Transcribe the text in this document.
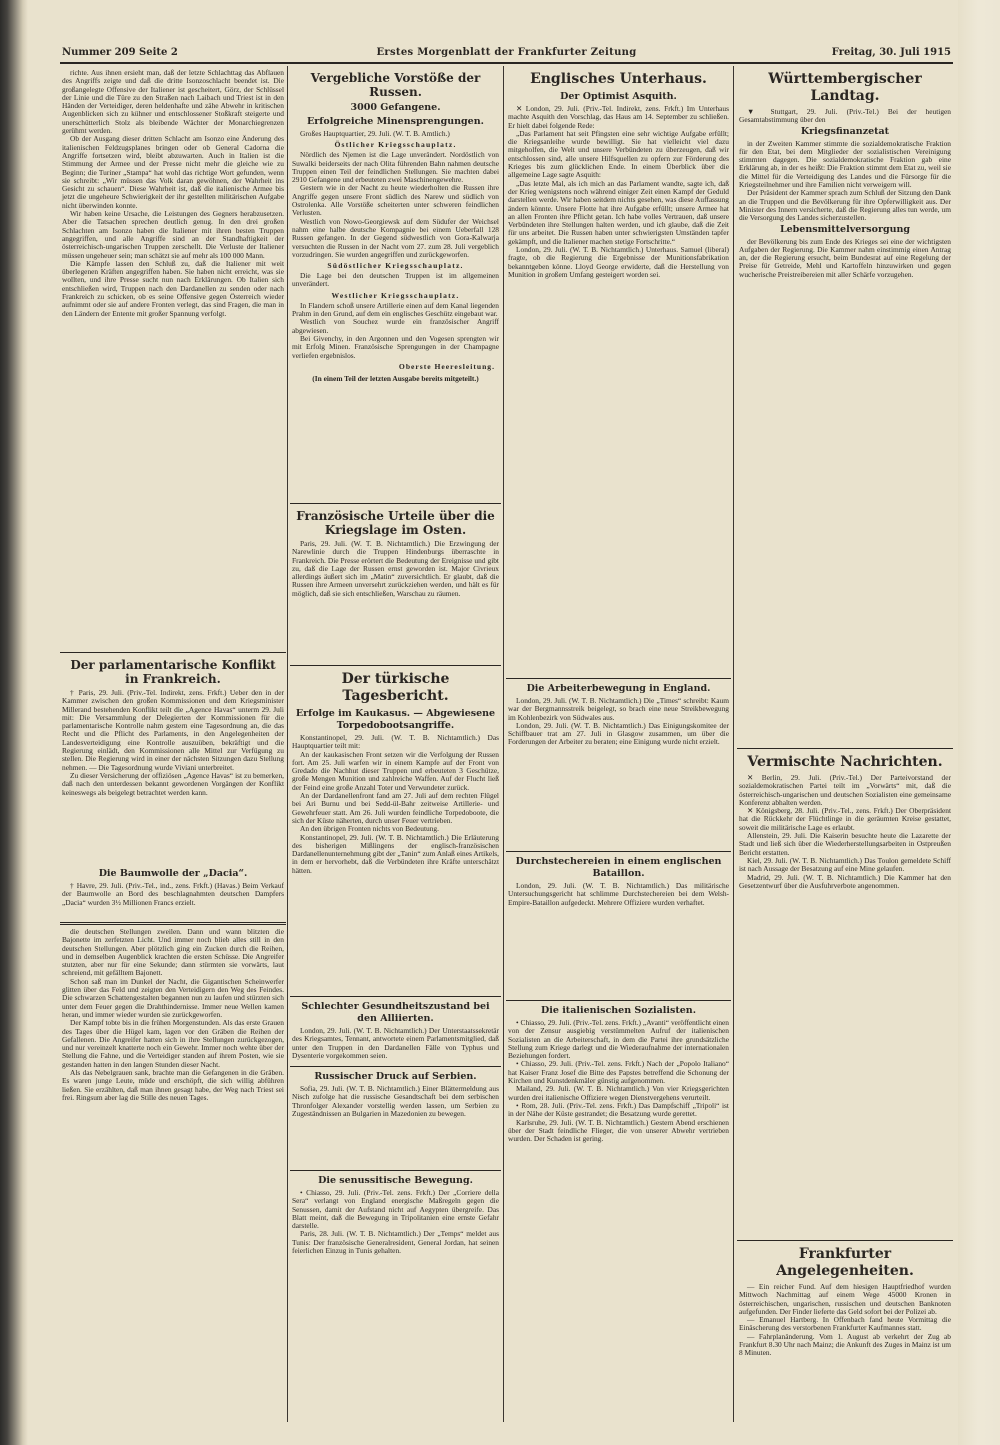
Erstes Morgenblatt der Frankfurter Zeitung
Nummer 209 Seite 2	Freitag, 30. Juli 1915

richte. Aus ihnen ersieht man, daß der letzte Schlachttag das Abflauen des Angriffs zeigte und daß die dritte Isonzoschlacht beendet ist. Die großangelegte Offensive der Italiener ist gescheitert, Görz, der Schlüssel der Linie und die Türe zu den Straßen nach Laibach und Triest ist in den Händen der Verteidiger, deren heldenhafte und zähe Abwehr in kritischen Augenblicken sich zu kühner und entschlossener Stoßkraft steigerte und unerschütterlich Stolz als bleibende Wächter der Monarchiegrenzen gerühmt werden.

Ob der Ausgang dieser dritten Schlacht am Isonzo eine Änderung des italienischen Feldzugsplanes bringen oder ob General Cadorna die Angriffe fortsetzen wird, bleibt abzuwarten. Auch in Italien ist die Stimmung der Armee und der Presse nicht mehr die gleiche wie zu Beginn; die Turiner „Stampa“ hat wohl das richtige Wort gefunden, wenn sie schreibt: „Wir müssen das Volk daran gewöhnen, der Wahrheit ins Gesicht zu schauen“. Diese Wahrheit ist, daß die italienische Armee bis jetzt die ungeheure Schwierigkeit der ihr gestellten militärischen Aufgabe nicht überwinden konnte.

Wir haben keine Ursache, die Leistungen des Gegners herabzusetzen. Aber die Tatsachen sprechen deutlich genug. In den drei großen Schlachten am Isonzo haben die Italiener mit ihren besten Truppen angegriffen, und alle Angriffe sind an der Standhaftigkeit der österreichisch-ungarischen Truppen zerschellt. Die Verluste der Italiener müssen ungeheuer sein; man schätzt sie auf mehr als 100 000 Mann.

Die Kämpfe lassen den Schluß zu, daß die Italiener mit weit überlegenen Kräften angegriffen haben. Sie haben nicht erreicht, was sie wollten, und ihre Presse sucht nun nach Erklärungen. Ob Italien sich entschließen wird, Truppen nach den Dardanellen zu senden oder nach Frankreich zu schicken, ob es seine Offensive gegen Österreich wieder aufnimmt oder sie auf andere Fronten verlegt, das sind Fragen, die man in den Ländern der Entente mit großer Spannung verfolgt.

Der parlamentarische Konflikt in Frankreich.

† Paris, 29. Juli. (Priv.-Tel. Indirekt, zens. Frkft.) Ueber den in der Kammer zwischen den großen Kommissionen und dem Kriegsminister Millerand bestehenden Konflikt teilt die „Agence Havas“ unterm 29. Juli mit: Die Versammlung der Delegierten der Kommissionen für die parlamentarische Kontrolle nahm gestern eine Tagesordnung an, die das Recht und die Pflicht des Parlaments, in den Angelegenheiten der Landesverteidigung eine Kontrolle auszuüben, bekräftigt und die Regierung einlädt, den Kommissionen alle Mittel zur Verfügung zu stellen. Die Regierung wird in einer der nächsten Sitzungen dazu Stellung nehmen. — Die Tagesordnung wurde Viviani unterbreitet.

Zu dieser Versicherung der offiziösen „Agence Havas“ ist zu bemerken, daß nach den unterdessen bekannt gewordenen Vorgängen der Konflikt keineswegs als beigelegt betrachtet werden kann.

Die Baumwolle der „Dacia“.

† Havre, 29. Juli. (Priv.-Tel., ind., zens. Frkft.) (Havas.) Beim Verkauf der Baumwolle an Bord des beschlagnahmten deutschen Dampfers „Dacia“ wurden 3½ Millionen Francs erzielt.

die deutschen Stellungen zweilen. Dann und wann blitzten die Bajonette im zerfetzten Licht. Und immer noch blieb alles still in den deutschen Stellungen. Aber plötzlich ging ein Zucken durch die Reihen, und in demselben Augenblick krachten die ersten Schüsse. Die Angreifer stutzten, aber nur für eine Sekunde; dann stürmten sie vorwärts, laut schreiend, mit gefälltem Bajonett.

Schon saß man im Dunkel der Nacht, die Gigantischen Scheinwerfer glitten über das Feld und zeigten den Verteidigern den Weg des Feindes. Die schwarzen Schattengestalten begannen nun zu laufen und stürzten sich unter dem Feuer gegen die Drahthindernisse. Immer neue Wellen kamen heran, und immer wieder wurden sie zurückgeworfen.

Der Kampf tobte bis in die frühen Morgenstunden. Als das erste Grauen des Tages über die Hügel kam, lagen vor den Gräben die Reihen der Gefallenen. Die Angreifer hatten sich in ihre Stellungen zurückgezogen, und nur vereinzelt knatterte noch ein Gewehr. Immer noch wehte über der Stellung die Fahne, und die Verteidiger standen auf ihrem Posten, wie sie gestanden hatten in den langen Stunden dieser Nacht.

Als das Nebelgrauen sank, brachte man die Gefangenen in die Gräben. Es waren junge Leute, müde und erschöpft, die sich willig abführen ließen. Sie erzählten, daß man ihnen gesagt habe, der Weg nach Triest sei frei. Ringsum aber lag die Stille des neuen Tages.

Vergebliche Vorstöße der Russen.
3000 Gefangene.
Erfolgreiche Minensprengungen.

Großes Hauptquartier, 29. Juli. (W. T. B. Amtlich.)

Östlicher Kriegsschauplatz.

Nördlich des Njemen ist die Lage unverändert. Nordöstlich von Suwalki beiderseits der nach Olita führenden Bahn nahmen deutsche Truppen einen Teil der feindlichen Stellungen. Sie machten dabei 2910 Gefangene und erbeuteten zwei Maschinengewehre.

Gestern wie in der Nacht zu heute wiederholten die Russen ihre Angriffe gegen unsere Front südlich des Narew und südlich von Ostrolenka. Alle Vorstöße scheiterten unter schweren feindlichen Verlusten.

Westlich von Nowo-Georgiewsk auf dem Südufer der Weichsel nahm eine halbe deutsche Kompagnie bei einem Ueberfall 128 Russen gefangen. In der Gegend südwestlich von Gora-Kalwarja versuchten die Russen in der Nacht vom 27. zum 28. Juli vergeblich vorzudringen. Sie wurden angegriffen und zurückgeworfen.

Südöstlicher Kriegsschauplatz.

Die Lage bei den deutschen Truppen ist im allgemeinen unverändert.

Westlicher Kriegsschauplatz.

In Flandern schoß unsere Artillerie einen auf dem Kanal liegenden Prahm in den Grund, auf dem ein englisches Geschütz eingebaut war.

Westlich von Souchez wurde ein französischer Angriff abgewiesen.

Bei Givenchy, in den Argonnen und den Vogesen sprengten wir mit Erfolg Minen. Französische Sprengungen in der Champagne verliefen ergebnislos.

Oberste Heeresleitung.
(In einem Teil der letzten Ausgabe bereits mitgeteilt.)
Französische Urteile über die Kriegslage im Osten.

Paris, 29. Juli. (W. T. B. Nichtamtlich.) Die Erzwingung der Narewlinie durch die Truppen Hindenburgs überraschte in Frankreich. Die Presse erörtert die Bedeutung der Ereignisse und gibt zu, daß die Lage der Russen ernst geworden ist. Major Civrieux allerdings äußert sich im „Matin“ zuversichtlich. Er glaubt, daß die Russen ihre Armeen unversehrt zurückziehen werden, und hält es für möglich, daß sie sich entschließen, Warschau zu räumen.

Der türkische Tagesbericht.
Erfolge im Kaukasus. — Abgewiesene Torpedobootsangriffe.

Konstantinopel, 29. Juli. (W. T. B. Nichtamtlich.) Das Hauptquartier teilt mit:

An der kaukasischen Front setzen wir die Verfolgung der Russen fort. Am 25. Juli warfen wir in einem Kampfe auf der Front von Gredado die Nachhut dieser Truppen und erbeuteten 3 Geschütze, große Mengen Munition und zahlreiche Waffen. Auf der Flucht ließ der Feind eine große Anzahl Toter und Verwundeter zurück.

An der Dardanellenfront fand am 27. Juli auf dem rechten Flügel bei Ari Burnu und bei Sedd-ül-Bahr zeitweise Artillerie- und Gewehrfeuer statt. Am 26. Juli wurden feindliche Torpedoboote, die sich der Küste näherten, durch unser Feuer vertrieben.

An den übrigen Fronten nichts von Bedeutung.

Konstantinopel, 29. Juli. (W. T. B. Nichtamtlich.) Die Erläuterung des bisherigen Mißlingens der englisch-französischen Dardanellenunternehmung gibt der „Tanin“ zum Anlaß eines Artikels, in dem er hervorhebt, daß die Verbündeten ihre Kräfte unterschätzt hätten.

Schlechter Gesundheitszustand bei den Alliierten.

London, 29. Juli. (W. T. B. Nichtamtlich.) Der Unterstaatssekretär des Kriegsamtes, Tennant, antwortete einem Parlamentsmitglied, daß unter den Truppen in den Dardanellen Fälle von Typhus und Dysenterie vorgekommen seien.

Russischer Druck auf Serbien.

Sofia, 29. Juli. (W. T. B. Nichtamtlich.) Einer Blättermeldung aus Nisch zufolge hat die russische Gesandtschaft bei dem serbischen Thronfolger Alexander vorstellig werden lassen, um Serbien zu Zugeständnissen an Bulgarien in Mazedonien zu bewegen.

Die senussitische Bewegung.

• Chiasso, 29. Juli. (Priv.-Tel. zens. Frkft.) Der „Corriere della Sera“ verlangt von England energische Maßregeln gegen die Senussen, damit der Aufstand nicht auf Aegypten übergreife. Das Blatt meint, daß die Bewegung in Tripolitanien eine ernste Gefahr darstelle.

Paris, 28. Juli. (W. T. B. Nichtamtlich.) Der „Temps“ meldet aus Tunis: Der französische Generalresident, General Jordan, hat seinen feierlichen Einzug in Tunis gehalten.

Englisches Unterhaus.
Der Optimist Asquith.

✕ London, 29. Juli. (Priv.-Tel. Indirekt, zens. Frkft.) Im Unterhaus machte Asquith den Vorschlag, das Haus am 14. September zu schließen. Er hielt dabei folgende Rede:

„Das Parlament hat seit Pfingsten eine sehr wichtige Aufgabe erfüllt; die Kriegsanleihe wurde bewilligt. Sie hat vielleicht viel dazu mitgeholfen, die Welt und unsere Verbündeten zu überzeugen, daß wir entschlossen sind, alle unsere Hilfsquellen zu opfern zur Förderung des Krieges bis zum glücklichen Ende. In einem Überblick über die allgemeine Lage sagte Asquith:

„Das letzte Mal, als ich mich an das Parlament wandte, sagte ich, daß der Krieg wenigstens noch während einiger Zeit einen Kampf der Geduld darstellen werde. Wir haben seitdem nichts gesehen, was diese Auffassung ändern könnte. Unsere Flotte hat ihre Aufgabe erfüllt; unsere Armee hat an allen Fronten ihre Pflicht getan. Ich habe volles Vertrauen, daß unsere Verbündeten ihre Stellungen halten werden, und ich glaube, daß die Zeit für uns arbeitet. Die Russen haben unter schwierigsten Umständen tapfer gekämpft, und die Italiener machen stetige Fortschritte.“

London, 29. Juli. (W. T. B. Nichtamtlich.) Unterhaus. Samuel (liberal) fragte, ob die Regierung die Ergebnisse der Munitionsfabrikation bekanntgeben könne. Lloyd George erwiderte, daß die Herstellung von Munition in großem Umfang gesteigert worden sei.

Die Arbeiterbewegung in England.

London, 29. Juli. (W. T. B. Nichtamtlich.) Die „Times“ schreibt: Kaum war der Bergmannsstreik beigelegt, so brach eine neue Streikbewegung im Kohlenbezirk von Südwales aus.

London, 29. Juli. (W. T. B. Nichtamtlich.) Das Einigungskomitee der Schiffbauer trat am 27. Juli in Glasgow zusammen, um über die Forderungen der Arbeiter zu beraten; eine Einigung wurde nicht erzielt.

Durchstechereien in einem englischen Bataillon.

London, 29. Juli. (W. T. B. Nichtamtlich.) Das militärische Untersuchungsgericht hat schlimme Durchstechereien bei dem Welsh-Empire-Bataillon aufgedeckt. Mehrere Offiziere wurden verhaftet.

Die italienischen Sozialisten.

• Chiasso, 29. Juli. (Priv.-Tel. zens. Frkft.) „Avanti“ veröffentlicht einen von der Zensur ausgiebig verstümmelten Aufruf der italienischen Sozialisten an die Arbeiterschaft, in dem die Partei ihre grundsätzliche Stellung zum Kriege darlegt und die Wiederaufnahme der internationalen Beziehungen fordert.

• Chiasso, 29. Juli. (Priv.-Tel. zens. Frkft.) Nach der „Popolo Italiano“ hat Kaiser Franz Josef die Bitte des Papstes betreffend die Schonung der Kirchen und Kunstdenkmäler günstig aufgenommen.

Mailand, 29. Juli. (W. T. B. Nichtamtlich.) Von vier Kriegsgerichten wurden drei italienische Offiziere wegen Dienstvergehens verurteilt.

• Rom, 28. Juli. (Priv.-Tel. zens. Frkft.) Das Dampfschiff „Tripoli“ ist in der Nähe der Küste gestrandet; die Besatzung wurde gerettet.

Karlsruhe, 29. Juli. (W. T. B. Nichtamtlich.) Gestern Abend erschienen über der Stadt feindliche Flieger, die von unserer Abwehr vertrieben wurden. Der Schaden ist gering.

Württembergischer Landtag.

▼ Stuttgart, 29. Juli. (Priv.-Tel.) Bei der heutigen Gesamtabstimmung über den

Kriegsfinanzetat

in der Zweiten Kammer stimmte die sozialdemokratische Fraktion für den Etat, bei dem Mitglieder der sozialistischen Vereinigung stimmten dagegen. Die sozialdemokratische Fraktion gab eine Erklärung ab, in der es heißt: Die Fraktion stimmt dem Etat zu, weil sie die Mittel für die Verteidigung des Landes und die Fürsorge für die Kriegsteilnehmer und ihre Familien nicht verweigern will.

Der Präsident der Kammer sprach zum Schluß der Sitzung den Dank an die Truppen und die Bevölkerung für ihre Opferwilligkeit aus. Der Minister des Innern versicherte, daß die Regierung alles tun werde, um die Versorgung des Landes sicherzustellen.

Lebensmittelversorgung

der Bevölkerung bis zum Ende des Krieges sei eine der wichtigsten Aufgaben der Regierung. Die Kammer nahm einstimmig einen Antrag an, der die Regierung ersucht, beim Bundesrat auf eine Regelung der Preise für Getreide, Mehl und Kartoffeln hinzuwirken und gegen wucherische Preistreibereien mit aller Schärfe vorzugehen.

Vermischte Nachrichten.

✕ Berlin, 29. Juli. (Priv.-Tel.) Der Parteivorstand der sozialdemokratischen Partei teilt im „Vorwärts“ mit, daß die österreichisch-ungarischen und deutschen Sozialisten eine gemeinsame Konferenz abhalten werden.

✕ Königsberg, 28. Juli. (Priv.-Tel., zens. Frkft.) Der Oberpräsident hat die Rückkehr der Flüchtlinge in die geräumten Kreise gestattet, soweit die militärische Lage es erlaubt.

Allenstein, 29. Juli. Die Kaiserin besuchte heute die Lazarette der Stadt und ließ sich über die Wiederherstellungsarbeiten in Ostpreußen Bericht erstatten.

Kiel, 29. Juli. (W. T. B. Nichtamtlich.) Das Toulon gemeldete Schiff ist nach Aussage der Besatzung auf eine Mine gelaufen.

Madrid, 29. Juli. (W. T. B. Nichtamtlich.) Die Kammer hat den Gesetzentwurf über die Ausfuhrverbote angenommen.

Frankfurter Angelegenheiten.

— Ein reicher Fund. Auf dem hiesigen Hauptfriedhof wurden Mittwoch Nachmittag auf einem Wege 45000 Kronen in österreichischen, ungarischen, russischen und deutschen Banknoten aufgefunden. Der Finder lieferte das Geld sofort bei der Polizei ab.

— Emanuel Hartberg. In Offenbach fand heute Vormittag die Einäscherung des verstorbenen Frankfurter Kaufmannes statt.

— Fahrplanänderung. Vom 1. August ab verkehrt der Zug ab Frankfurt 8.30 Uhr nach Mainz; die Ankunft des Zuges in Mainz ist um 8 Minuten.
